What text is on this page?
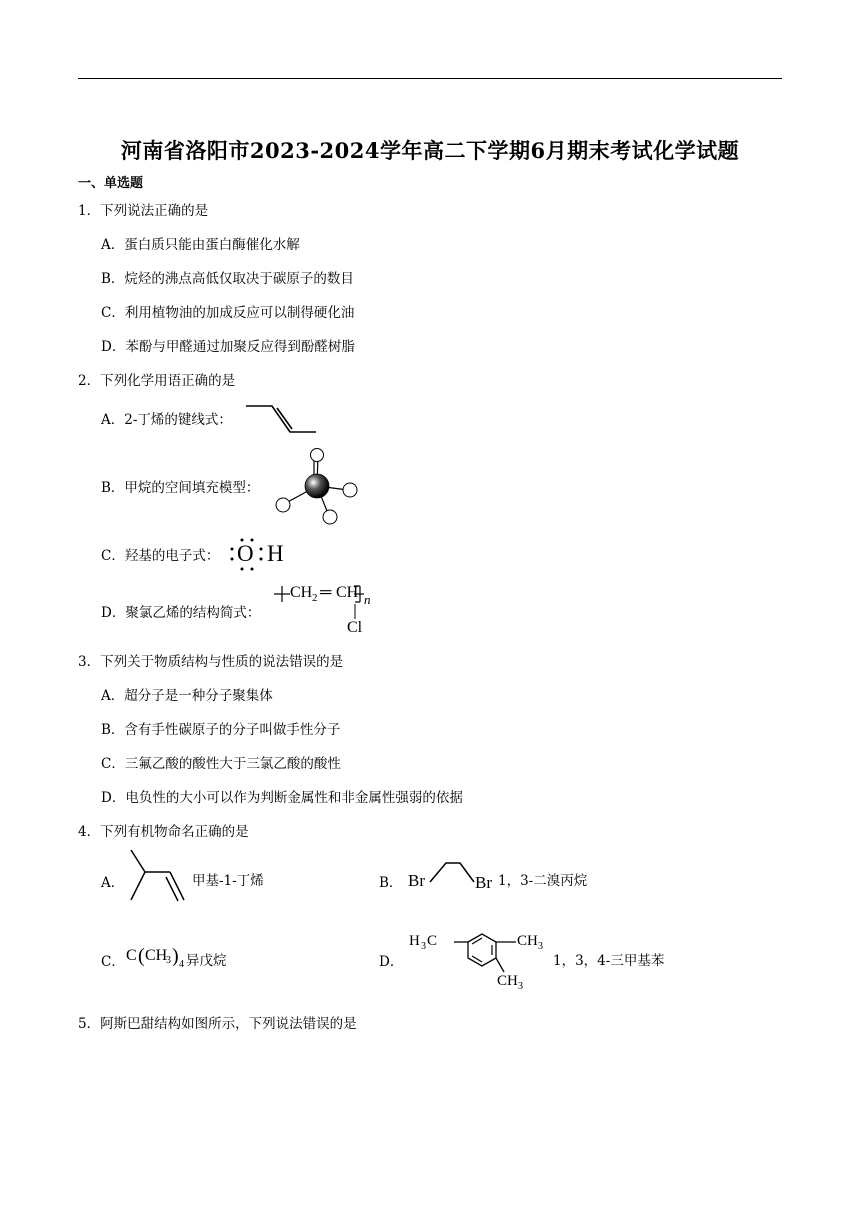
河南省洛阳市2023-2024学年高二下学期6月期末考试化学试题
一、单选题
1．下列说法正确的是
A．蛋白质只能由蛋白酶催化水解
B．烷烃的沸点高低仅取决于碳原子的数目
C．利用植物油的加成反应可以制得硬化油
D．苯酚与甲醛通过加聚反应得到酚醛树脂
2．下列化学用语正确的是
A．2-丁烯的键线式：
B．甲烷的空间填充模型：
C．羟基的电子式： O H
D．聚氯乙烯的结构简式：
CH 2 ═ CH n
Cl
3．下列关于物质结构与性质的说法错误的是
A．超分子是一种分子聚集体
B．含有手性碳原子的分子叫做手性分子
C．三氟乙酸的酸性大于三氯乙酸的酸性
D．电负性的大小可以作为判断金属性和非金属性强弱的依据
4．下列有机物命名正确的是
A．	甲基-1-丁烯	B． Br	Br 1，3-二溴丙烷
C． C ( CH
3 ) 4 异戊烷	D．
H 3 C	CH 3
CH 3
1，3，4-三甲基苯
5．阿斯巴甜结构如图所示，下列说法错误的是
